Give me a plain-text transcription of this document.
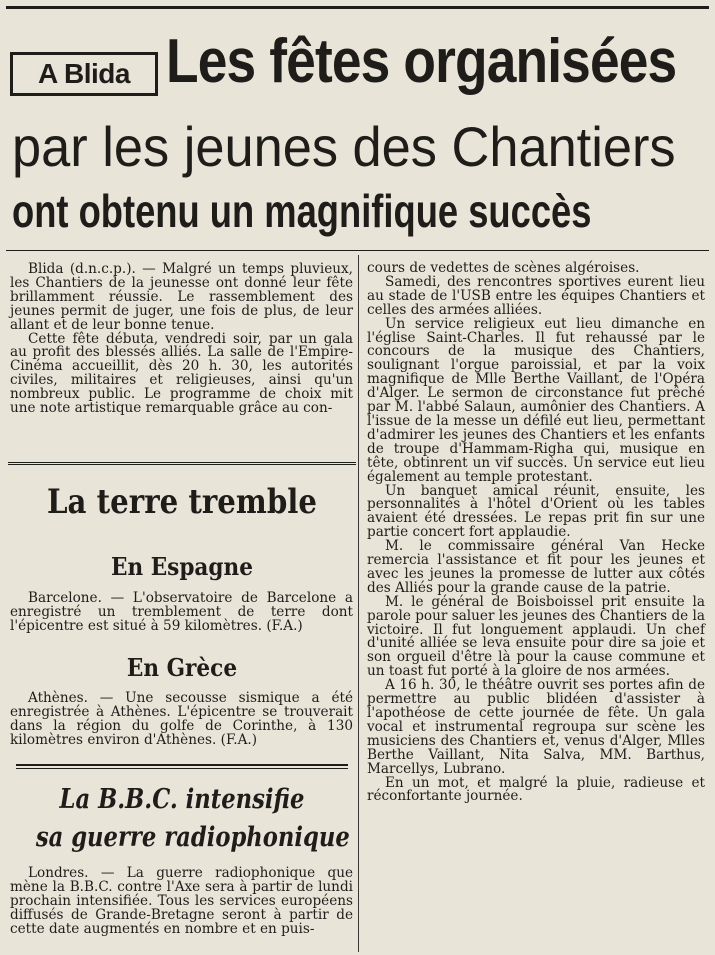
A Blida Les fêtes organisées
par les jeunes des Chantiers
ont obtenu un magnifique succès

Blida (d.n.c.p.). — Malgré un temps pluvieux, les Chantiers de la jeunesse ont donné leur fête brillamment réussie. Le rassemblement des jeunes permit de juger, une fois de plus, de leur allant et de leur bonne tenue.

Cette fête débuta, vendredi soir, par un gala au profit des blessés alliés. La salle de l'Empire-Cinéma accueillit, dès 20 h. 30, les autorités civiles, militaires et religieuses, ainsi qu'un nombreux public. Le programme de choix mit une note artistique remarquable grâce au con-

cours de vedettes de scènes algéroises.

Samedi, des rencontres sportives eurent lieu au stade de l'USB entre les équipes Chantiers et celles des armées alliées.

Un service religieux eut lieu dimanche en l'église Saint-Charles. Il fut rehaussé par le concours de la musique des Chantiers, soulignant l'orgue paroissial, et par la voix magnifique de Mlle Berthe Vaillant, de l'Opéra d'Alger. Le sermon de circonstance fut prêché par M. l'abbé Salaun, aumônier des Chantiers. A l'issue de la messe un défilé eut lieu, permettant d'admirer les jeunes des Chantiers et les enfants de troupe d'Hammam-Righa qui, musique en tête, obtinrent un vif succès. Un service eut lieu également au temple protestant.

Un banquet amical réunit, ensuite, les personnalités à l'hôtel d'Orient où les tables avaient été dressées. Le repas prit fin sur une partie concert fort applaudie.

M. le commissaire général Van Hecke remercia l'assistance et fit pour les jeunes et avec les jeunes la promesse de lutter aux côtés des Alliés pour la grande cause de la patrie.

M. le général de Boisboissel prit ensuite la parole pour saluer les jeunes des Chantiers de la victoire. Il fut longuement applaudi. Un chef d'unité alliée se leva ensuite pour dire sa joie et son orgueil d'être là pour la cause commune et un toast fut porté à la gloire de nos armées.

A 16 h. 30, le théâtre ouvrit ses portes afin de permettre au public blidéen d'assister à l'apothéose de cette journée de fête. Un gala vocal et instrumental regroupa sur scène les musiciens des Chantiers et, venus d'Alger, Mlles Berthe Vaillant, Nita Salva, MM. Barthus, Marcellys, Lubrano.

En un mot, et malgré la pluie, radieuse et réconfortante journée.

La terre tremble
En Espagne

Barcelone. — L'observatoire de Barcelone a enregistré un tremblement de terre dont l'épicentre est situé à 59 kilomètres. (F.A.)

En Grèce

Athènes. — Une secousse sismique a été enregistrée à Athènes. L'épicentre se trouverait dans la région du golfe de Corinthe, à 130 kilomètres environ d'Athènes. (F.A.)

La B.B.C. intensifie
sa guerre radiophonique

Londres. — La guerre radiophonique que mène la B.B.C. contre l'Axe sera à partir de lundi prochain intensifiée. Tous les services européens diffusés de Grande-Bretagne seront à partir de cette date augmentés en nombre et en puis-
